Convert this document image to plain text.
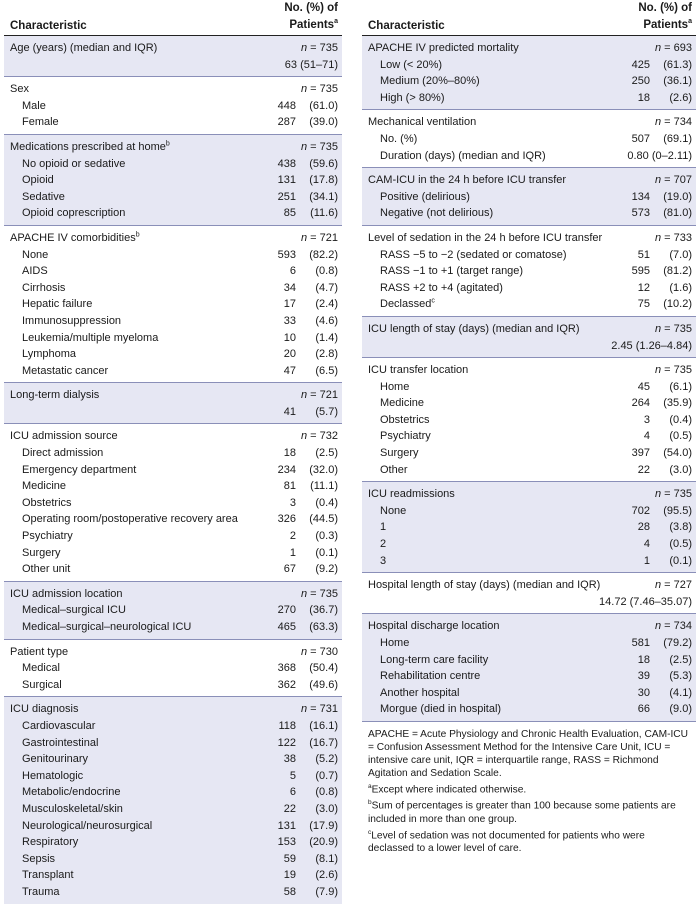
Characteristic
No. (%) of
Patients$^a$
Age (years) (median and IQR)	n = 735
63 (51–71)
Sex	n = 735
Male	448	(61.0)
Female	287	(39.0)
Medications prescribed at home$^b$	n = 735
No opioid or sedative	438	(59.6)
Opioid	131	(17.8)
Sedative	251	(34.1)
Opioid coprescription	85	(11.6)
APACHE IV comorbidities$^b$	n = 721
None	593	(82.2)
AIDS	6	(0.8)
Cirrhosis	34	(4.7)
Hepatic failure	17	(2.4)
Immunosuppression	33	(4.6)
Leukemia/multiple myeloma	10	(1.4)
Lymphoma	20	(2.8)
Metastatic cancer	47	(6.5)
Long-term dialysis	n = 721
41	(5.7)
ICU admission source	n = 732
Direct admission	18	(2.5)
Emergency department	234	(32.0)
Medicine	81	(11.1)
Obstetrics	3	(0.4)
Operating room/postoperative recovery area	326	(44.5)
Psychiatry	2	(0.3)
Surgery	1	(0.1)
Other unit	67	(9.2)
ICU admission location	n = 735
Medical–surgical ICU	270	(36.7)
Medical–surgical–neurological ICU	465	(63.3)
Patient type	n = 730
Medical	368	(50.4)
Surgical	362	(49.6)
ICU diagnosis	n = 731
Cardiovascular	118	(16.1)
Gastrointestinal	122	(16.7)
Genitourinary	38	(5.2)
Hematologic	5	(0.7)
Metabolic/endocrine	6	(0.8)
Musculoskeletal/skin	22	(3.0)
Neurological/neurosurgical	131	(17.9)
Respiratory	153	(20.9)
Sepsis	59	(8.1)
Transplant	19	(2.6)
Trauma	58	(7.9)
Characteristic
No. (%) of
Patients$^a$
APACHE IV predicted mortality	n = 693
Low (< 20%)	425	(61.3)
Medium (20%–80%)	250	(36.1)
High (> 80%)	18	(2.6)
Mechanical ventilation	n = 734
No. (%)	507	(69.1)
Duration (days) (median and IQR)	0.80 (0–2.11)
CAM-ICU in the 24 h before ICU transfer	n = 707
Positive (delirious)	134	(19.0)
Negative (not delirious)	573	(81.0)
Level of sedation in the 24 h before ICU transfer	n = 733
RASS −5 to −2 (sedated or comatose)	51	(7.0)
RASS −1 to +1 (target range)	595	(81.2)
RASS +2 to +4 (agitated)	12	(1.6)
Declassed$^c$	75	(10.2)
ICU length of stay (days) (median and IQR)	n = 735
2.45 (1.26–4.84)
ICU transfer location	n = 735
Home	45	(6.1)
Medicine	264	(35.9)
Obstetrics	3	(0.4)
Psychiatry	4	(0.5)
Surgery	397	(54.0)
Other	22	(3.0)
ICU readmissions	n = 735
None	702	(95.5)
1	28	(3.8)
2	4	(0.5)
3	1	(0.1)
Hospital length of stay (days) (median and IQR)	n = 727
14.72 (7.46–35.07)
Hospital discharge location	n = 734
Home	581	(79.2)
Long-term care facility	18	(2.5)
Rehabilitation centre	39	(5.3)
Another hospital	30	(4.1)
Morgue (died in hospital)	66	(9.0)

APACHE = Acute Physiology and Chronic Health Evaluation, CAM-ICU = Confusion Assessment Method for the Intensive Care Unit, ICU = intensive care unit, IQR = interquartile range, RASS = Richmond Agitation and Sedation Scale.

$^a$Except where indicated otherwise.

$^b$Sum of percentages is greater than 100 because some patients are included in more than one group.

$^c$Level of sedation was not documented for patients who were declassed to a lower level of care.
